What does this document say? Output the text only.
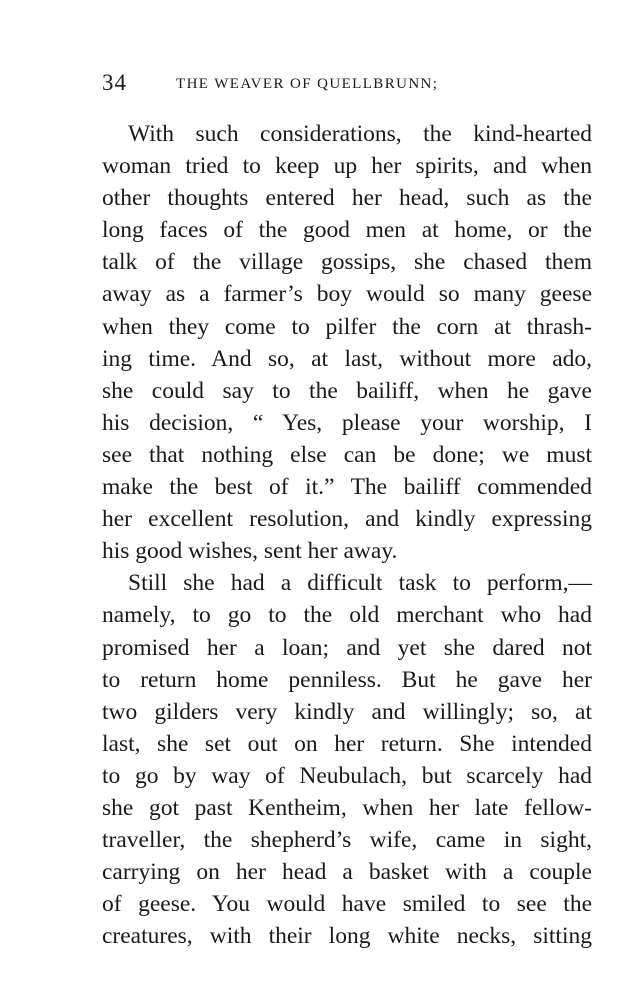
34	THE WEAVER OF QUELLBRUNN;
With such considerations, the kind-hearted
woman tried to keep up her spirits, and when
other thoughts entered her head, such as the
long faces of the good men at home, or the
talk of the village gossips, she chased them
away as a farmer’s boy would so many geese
when they come to pilfer the corn at thrash-
ing time. And so, at last, without more ado,
she could say to the bailiff, when he gave
his decision, “ Yes, please your worship, I
see that nothing else can be done; we must
make the best of it.” The bailiff commended
her excellent resolution, and kindly expressing
his good wishes, sent her away.
Still she had a difficult task to perform,—
namely, to go to the old merchant who had
promised her a loan; and yet she dared not
to return home penniless. But he gave her
two gilders very kindly and willingly; so, at
last, she set out on her return. She intended
to go by way of Neubulach, but scarcely had
she got past Kentheim, when her late fellow-
traveller, the shepherd’s wife, came in sight,
carrying on her head a basket with a couple
of geese. You would have smiled to see the
creatures, with their long white necks, sitting
